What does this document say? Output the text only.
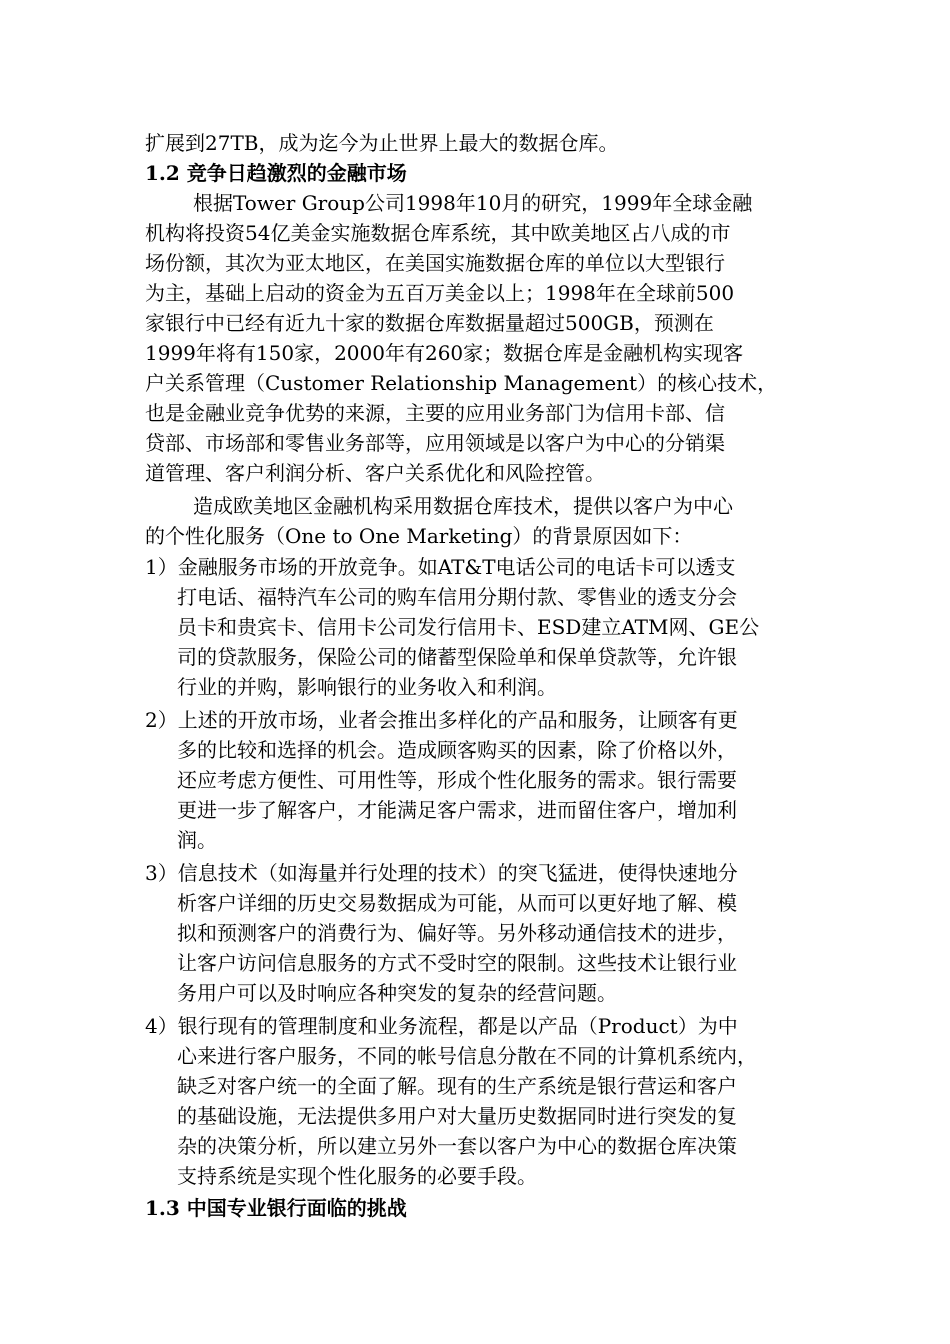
扩展到27TB，成为迄今为止世界上最大的数据仓库。
1.2 竞争日趋激烈的金融市场
根据Tower Group公司1998年10月的研究，1999年全球金融
机构将投资54亿美金实施数据仓库系统，其中欧美地区占八成的市
场份额，其次为亚太地区，在美国实施数据仓库的单位以大型银行
为主，基础上启动的资金为五百万美金以上；1998年在全球前500
家银行中已经有近九十家的数据仓库数据量超过500GB，预测在
1999年将有150家，2000年有260家；数据仓库是金融机构实现客
户关系管理（Customer Relationship Management）的核心技术，
也是金融业竞争优势的来源，主要的应用业务部门为信用卡部、信
贷部、市场部和零售业务部等，应用领域是以客户为中心的分销渠
道管理、客户利润分析、客户关系优化和风险控管。
造成欧美地区金融机构采用数据仓库技术，提供以客户为中心
的个性化服务（One to One Marketing）的背景原因如下：
1）金融服务市场的开放竞争。如AT&T电话公司的电话卡可以透支
打电话、福特汽车公司的购车信用分期付款、零售业的透支分会
员卡和贵宾卡、信用卡公司发行信用卡、ESD建立ATM网、GE公
司的贷款服务，保险公司的储蓄型保险单和保单贷款等，允许银
行业的并购，影响银行的业务收入和利润。
2）上述的开放市场，业者会推出多样化的产品和服务，让顾客有更
多的比较和选择的机会。造成顾客购买的因素，除了价格以外，
还应考虑方便性、可用性等，形成个性化服务的需求。银行需要
更进一步了解客户，才能满足客户需求，进而留住客户，增加利
润。
3）信息技术（如海量并行处理的技术）的突飞猛进，使得快速地分
析客户详细的历史交易数据成为可能，从而可以更好地了解、模
拟和预测客户的消费行为、偏好等。另外移动通信技术的进步，
让客户访问信息服务的方式不受时空的限制。这些技术让银行业
务用户可以及时响应各种突发的复杂的经营问题。
4）银行现有的管理制度和业务流程，都是以产品（Product）为中
心来进行客户服务，不同的帐号信息分散在不同的计算机系统内，
缺乏对客户统一的全面了解。现有的生产系统是银行营运和客户
的基础设施，无法提供多用户对大量历史数据同时进行突发的复
杂的决策分析，所以建立另外一套以客户为中心的数据仓库决策
支持系统是实现个性化服务的必要手段。
1.3 中国专业银行面临的挑战
